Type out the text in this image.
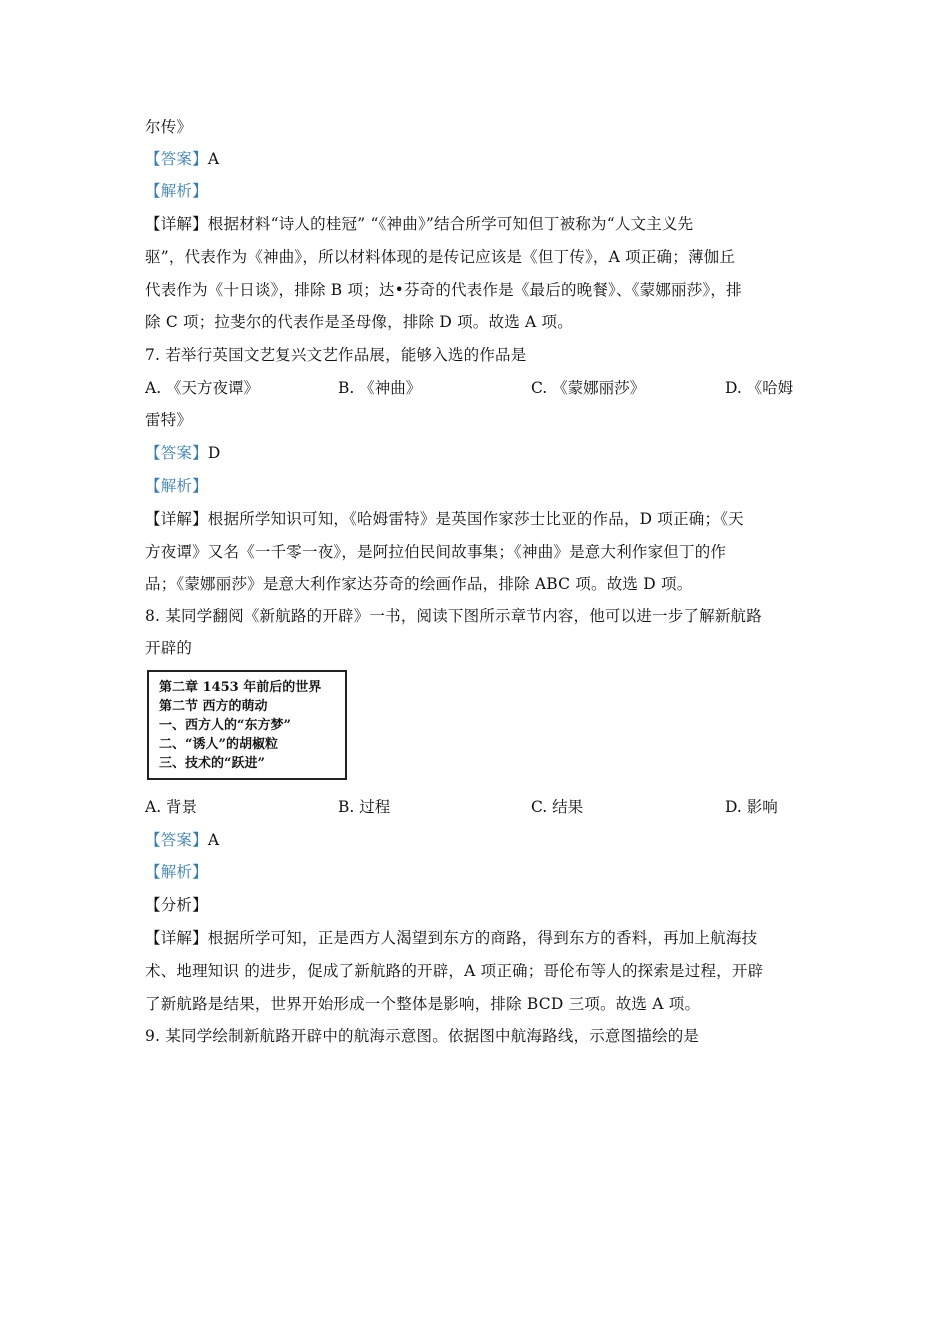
尔传》
【答案】A
【解析】
【详解】根据材料“诗人的桂冠” “《神曲》”结合所学可知但丁被称为“人文主义先
驱”，代表作为《神曲》，所以材料体现的是传记应该是《但丁传》，A 项正确；薄伽丘
代表作为《十日谈》，排除 B 项；达•芬奇的代表作是《最后的晚餐》、《蒙娜丽莎》，排
除 C 项；拉斐尔的代表作是圣母像，排除 D 项。故选 A 项。
7. 若举行英国文艺复兴文艺作品展，能够入选的作品是
A. 《天方夜谭》	B. 《神曲》	C. 《蒙娜丽莎》	D. 《哈姆
雷特》
【答案】D
【解析】
【详解】根据所学知识可知，《哈姆雷特》是英国作家莎士比亚的作品，D 项正确；《天
方夜谭》又名《一千零一夜》，是阿拉伯民间故事集；《神曲》是意大利作家但丁的作
品；《蒙娜丽莎》是意大利作家达芬奇的绘画作品，排除 ABC 项。故选 D 项。
8. 某同学翻阅《新航路的开辟》一书，阅读下图所示章节内容，他可以进一步了解新航路
开辟的
第二章 1453 年前后的世界
第二节 西方的萌动
一、西方人的“东方梦”
二、“诱人”的胡椒粒
三、技术的“跃进”
A. 背景	B. 过程	C. 结果	D. 影响
【答案】A
【解析】
【分析】
【详解】根据所学可知，正是西方人渴望到东方的商路，得到东方的香料，再加上航海技
术、地理知识 的进步，促成了新航路的开辟，A 项正确；哥伦布等人的探索是过程，开辟
了新航路是结果，世界开始形成一个整体是影响，排除 BCD 三项。故选 A 项。
9. 某同学绘制新航路开辟中的航海示意图。依据图中航海路线，示意图描绘的是
